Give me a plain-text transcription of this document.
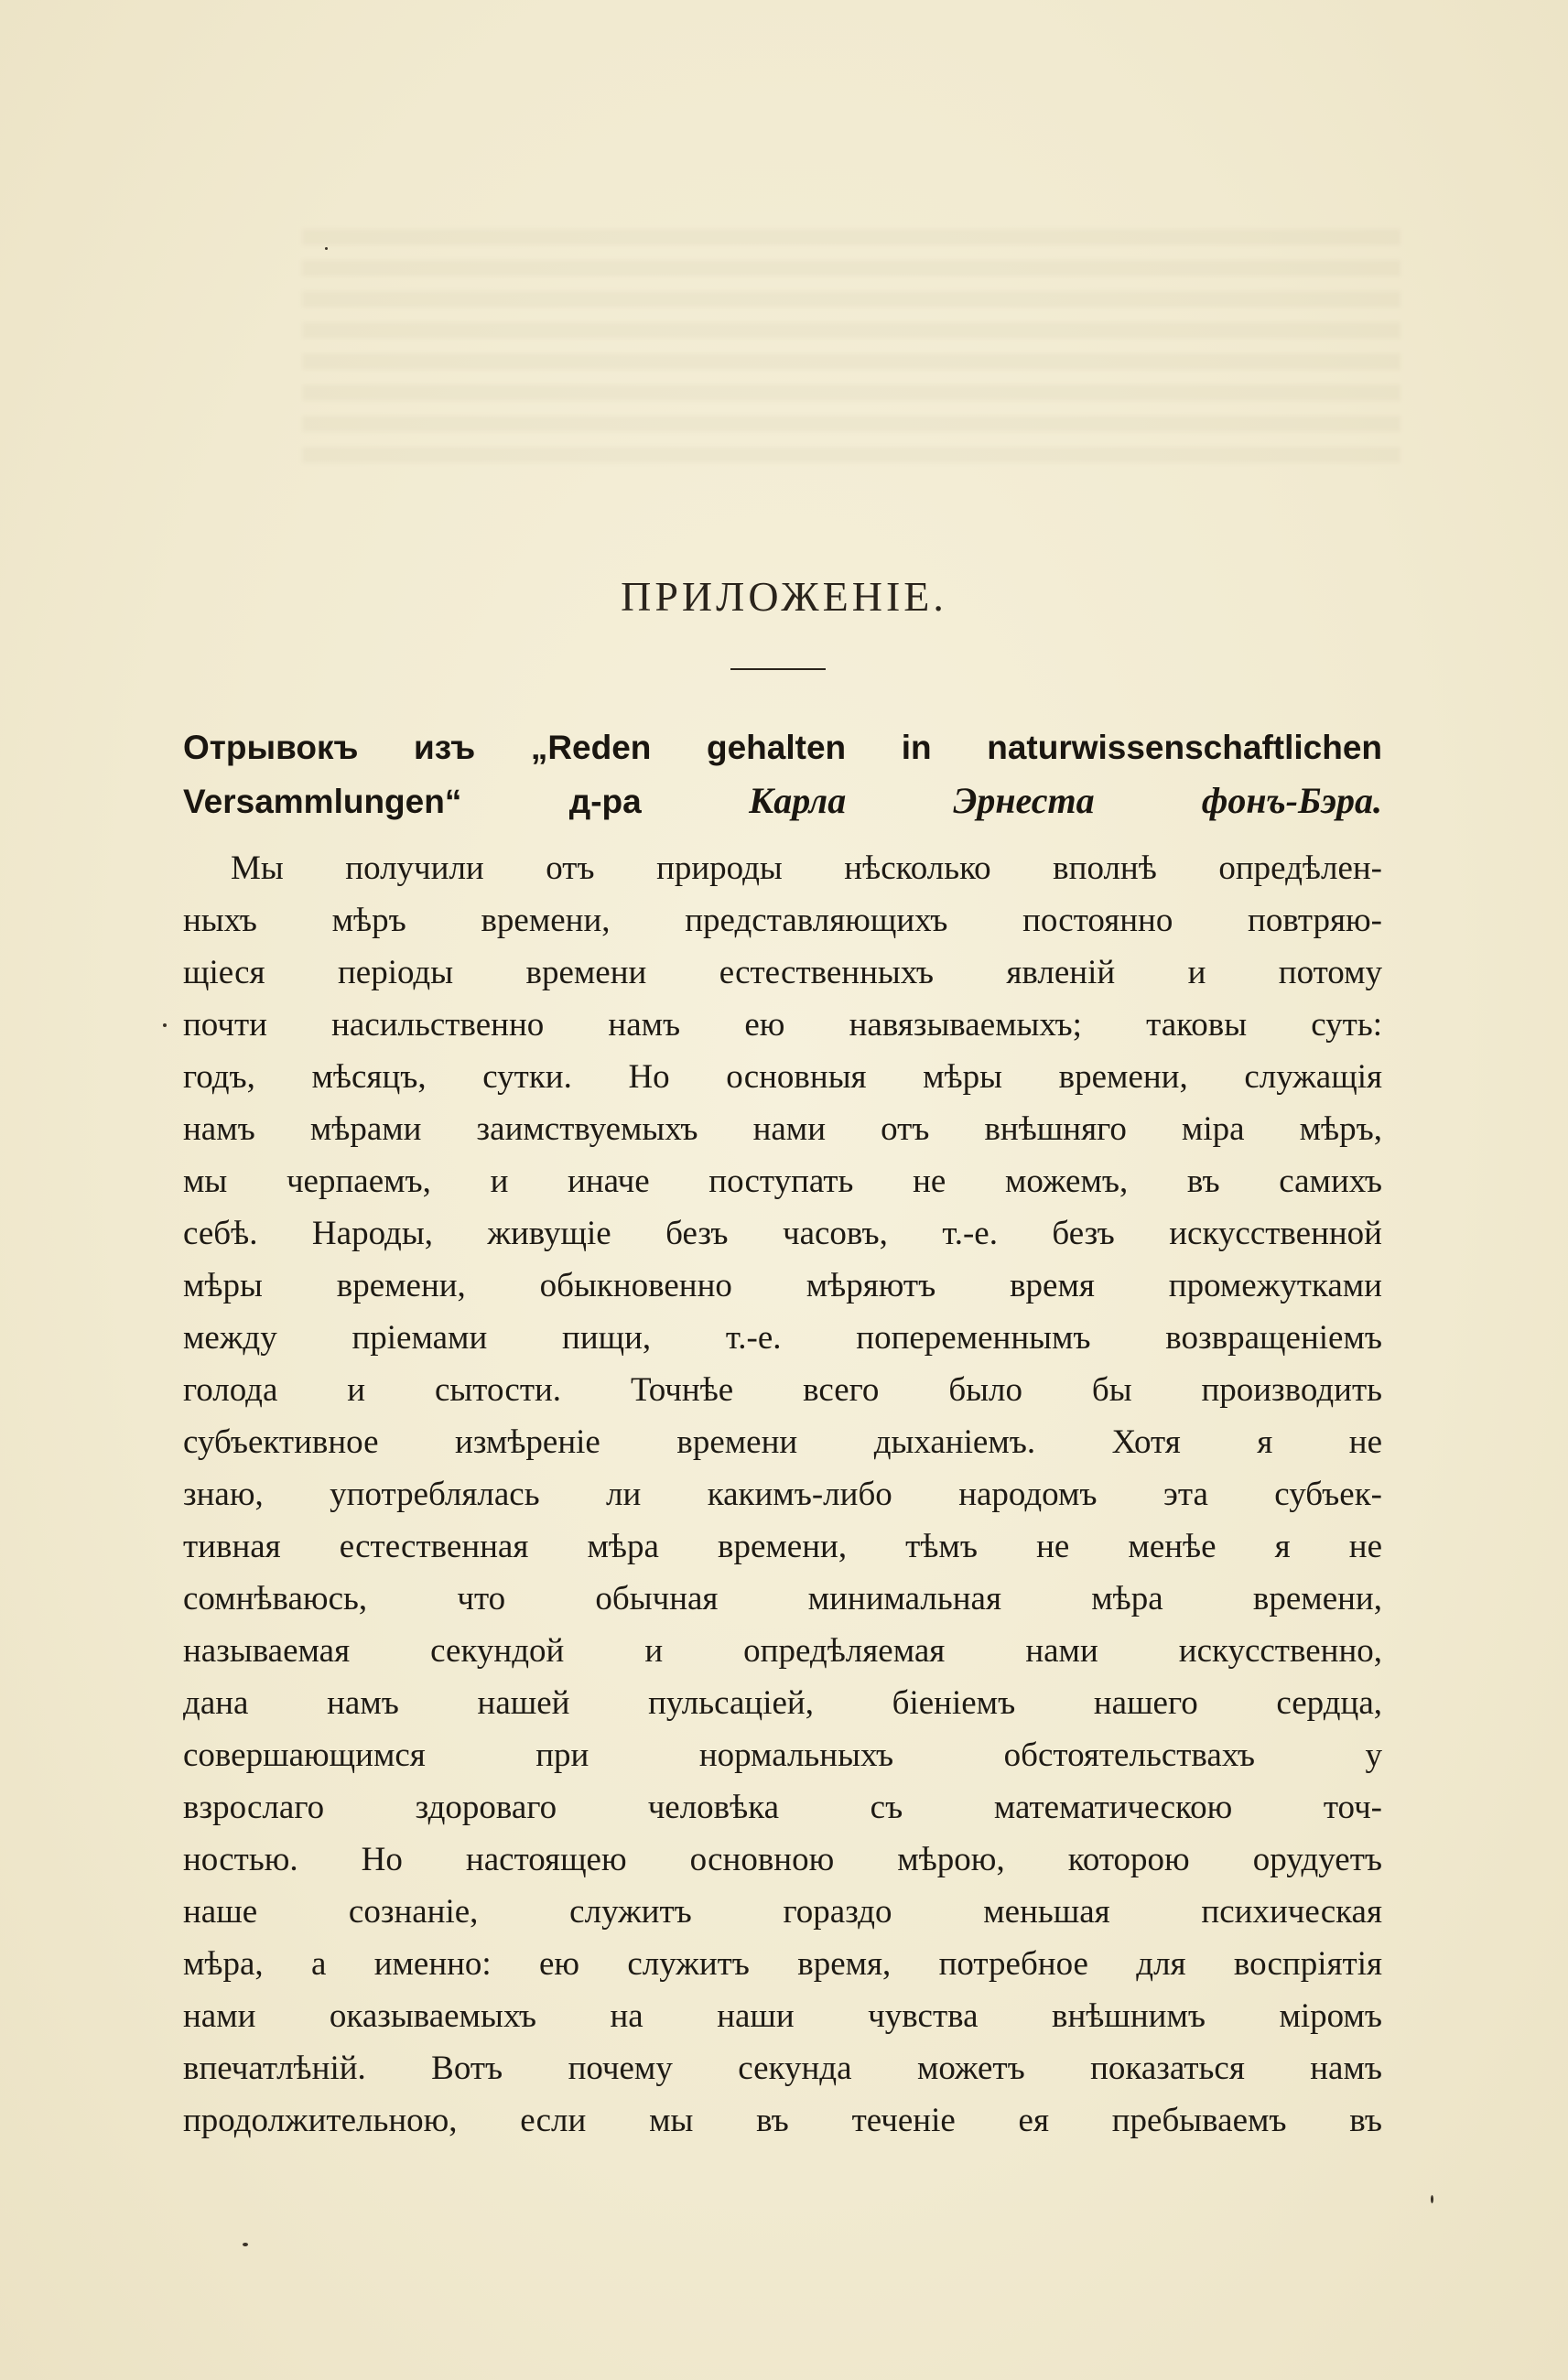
ПРИЛОЖЕНІЕ.
Отрывокъ изъ „Reden gehalten in naturwissenschaftlichen
Versammlungen“ д-ра Карла Эрнеста фонъ-Бэра.
Мы получили отъ природы нѣсколько вполнѣ опредѣлен-
ныхъ мѣръ времени, представляющихъ постоянно повтряю-
щіеся періоды времени естественныхъ явленій и потому
почти насильственно намъ ею навязываемыхъ; таковы суть:
годъ, мѣсяцъ, сутки. Но основныя мѣры времени, служащія
намъ мѣрами заимствуемыхъ нами отъ внѣшняго міра мѣръ,
мы черпаемъ, и иначе поступать не можемъ, въ самихъ
себѣ. Народы, живущіе безъ часовъ, т.-е. безъ искусственной
мѣры времени, обыкновенно мѣряютъ время промежутками
между пріемами пищи, т.-е. попеременнымъ возвращеніемъ
голода и сытости. Точнѣе всего было бы производить
субъективное измѣреніе времени дыханіемъ. Хотя я не
знаю, употреблялась ли какимъ-либо народомъ эта субъек-
тивная естественная мѣра времени, тѣмъ не менѣе я не
сомнѣваюсь, что обычная минимальная мѣра времени,
называемая секундой и опредѣляемая нами искусственно,
дана намъ нашей пульсаціей, біеніемъ нашего сердца,
совершающимся при нормальныхъ обстоятельствахъ у
взрослаго здороваго человѣка съ математическою точ-
ностью. Но настоящею основною мѣрою, которою орудуетъ
наше сознаніе, служитъ гораздо меньшая психическая
мѣра, а именно: ею служитъ время, потребное для воспріятія
нами оказываемыхъ на наши чувства внѣшнимъ міромъ
впечатлѣній. Вотъ почему секунда можетъ показаться намъ
продолжительною, если мы въ теченіе ея пребываемъ въ
